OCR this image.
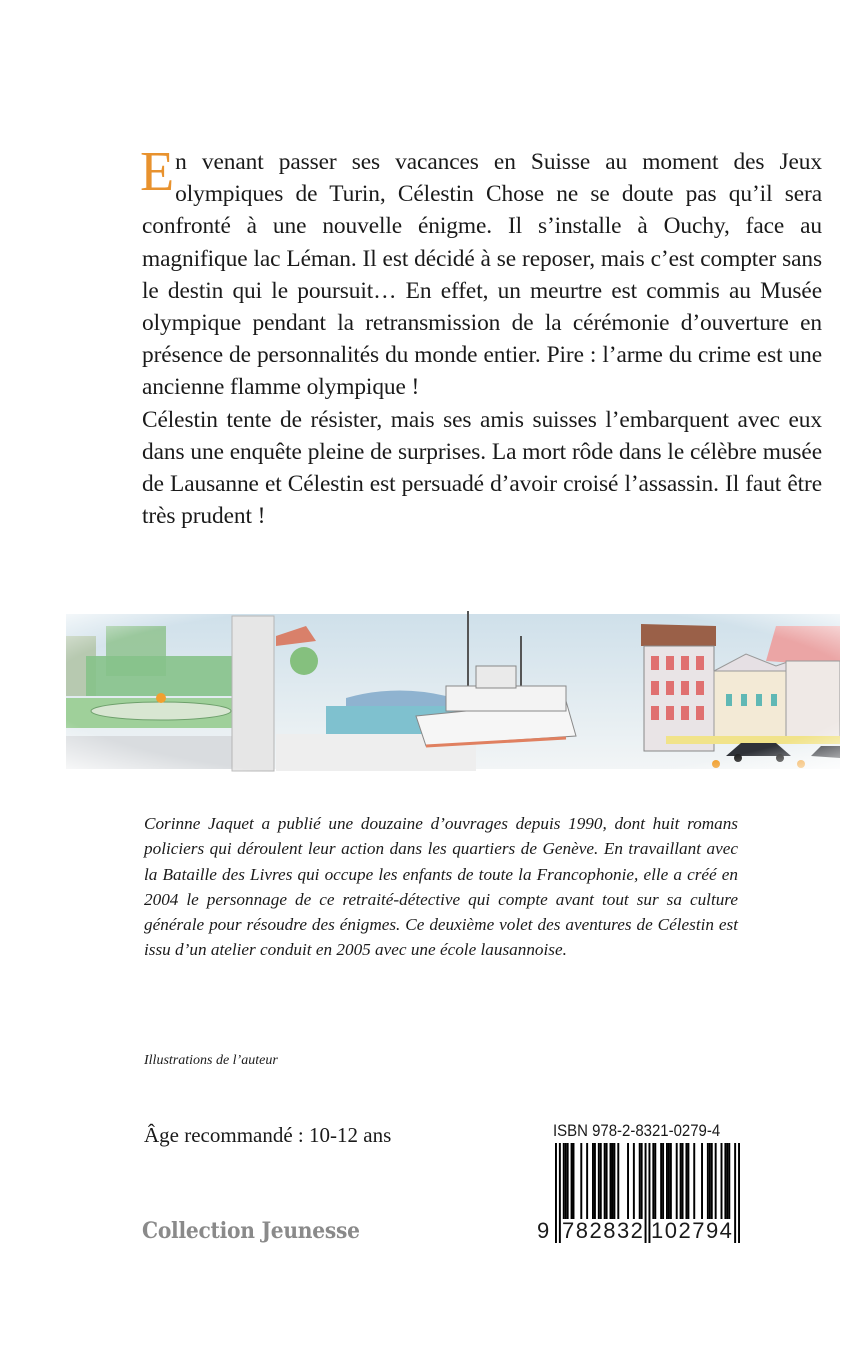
En venant passer ses vacances en Suisse au moment des Jeux olympiques de Turin, Célestin Chose ne se doute pas qu’il sera confronté à une nouvelle énigme. Il s’installe à Ouchy, face au magnifique lac Léman. Il est décidé à se reposer, mais c’est compter sans le destin qui le poursuit… En effet, un meurtre est commis au Musée olympique pendant la retransmission de la cérémonie d’ouverture en présence de personnalités du monde entier. Pire : l’arme du crime est une ancienne flamme olympique !

Célestin tente de résister, mais ses amis suisses l’embarquent avec eux dans une enquête pleine de surprises. La mort rôde dans le célèbre musée de Lausanne et Célestin est persuadé d’avoir croisé l’assassin. Il faut être très prudent !

Corinne Jaquet a publié une douzaine d’ouvrages depuis 1990, dont huit romans policiers qui déroulent leur action dans les quartiers de Genève. En travaillant avec la Bataille des Livres qui occupe les enfants de toute la Francophonie, elle a créé en 2004 le personnage de ce retraité-détective qui compte avant tout sur sa culture générale pour résoudre des énigmes. Ce deuxième volet des aventures de Célestin est issu d’un atelier conduit en 2005 avec une école lausannoise.

Illustrations de l’auteur
Âge recommandé : 10-12 ans
Collection Jeunesse
ISBN 978-2-8321-0279-4
9 782832 102794
